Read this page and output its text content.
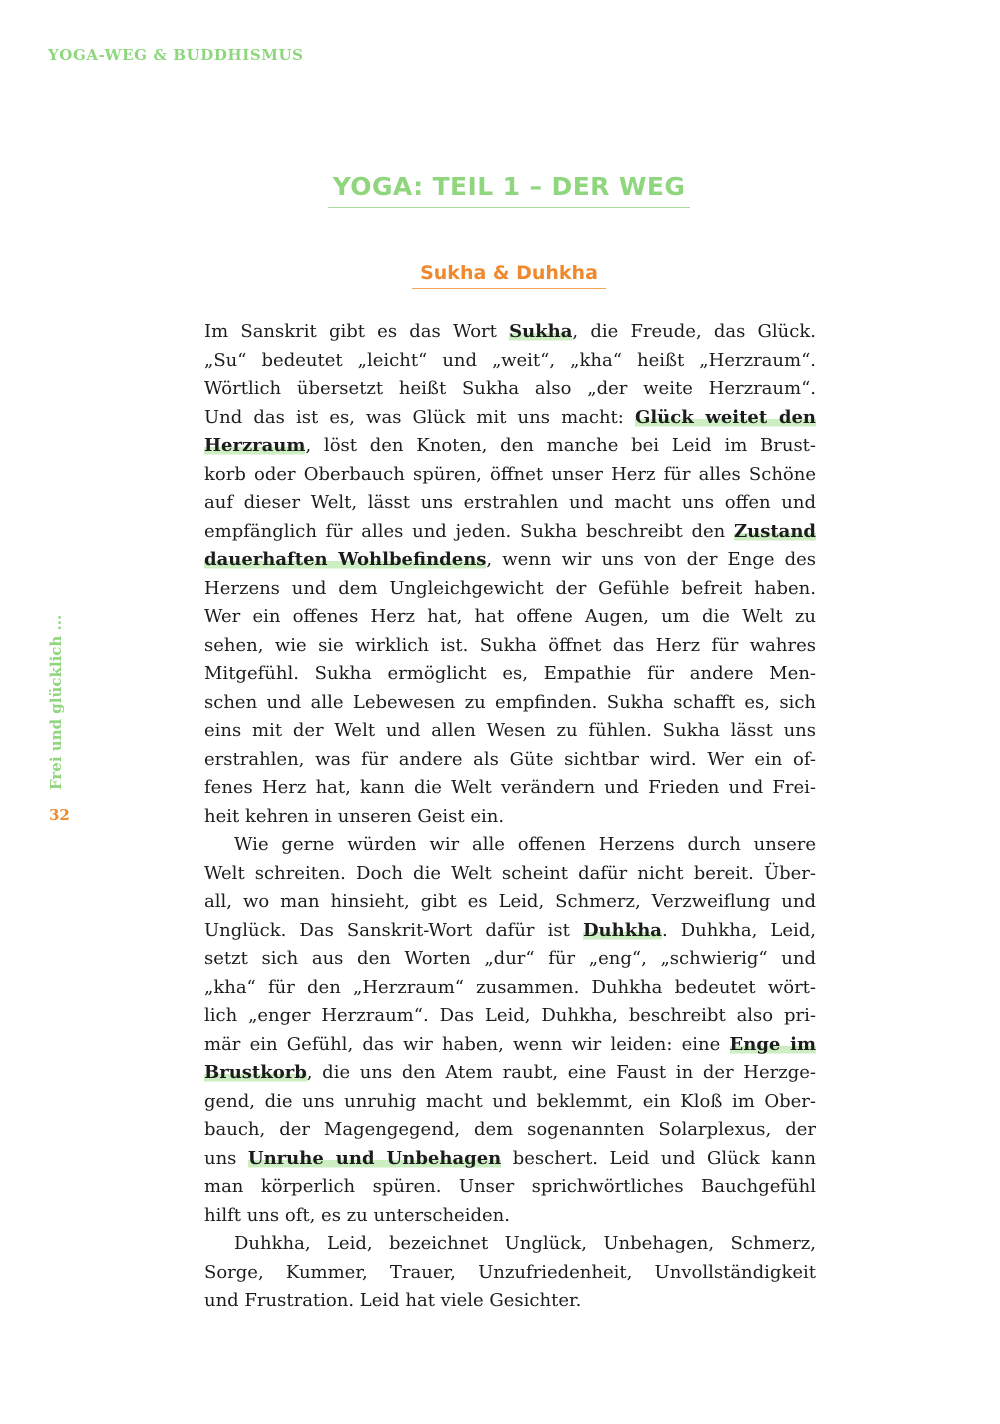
YOGA-WEG & BUDDHISMUS
YOGA: TEIL 1 – DER WEG
Sukha & Duhkha
Frei und glücklich ...
32
Im Sanskrit gibt es das Wort Sukha, die Freude, das Glück.
„Su“ bedeutet „leicht“ und „weit“, „kha“ heißt „Herzraum“.
Wörtlich übersetzt heißt Sukha also „der weite Herzraum“.
Und das ist es, was Glück mit uns macht: Glück weitet den
Herzraum, löst den Knoten, den manche bei Leid im Brust-
korb oder Oberbauch spüren, öffnet unser Herz für alles Schöne
auf dieser Welt, lässt uns erstrahlen und macht uns offen und
empfänglich für alles und jeden. Sukha beschreibt den Zustand
dauerhaften Wohlbefindens, wenn wir uns von der Enge des
Herzens und dem Ungleichgewicht der Gefühle befreit haben.
Wer ein offenes Herz hat, hat offene Augen, um die Welt zu
sehen, wie sie wirklich ist. Sukha öffnet das Herz für wahres
Mitgefühl. Sukha ermöglicht es, Empathie für andere Men-
schen und alle Lebewesen zu empfinden. Sukha schafft es, sich
eins mit der Welt und allen Wesen zu fühlen. Sukha lässt uns
erstrahlen, was für andere als Güte sichtbar wird. Wer ein of-
fenes Herz hat, kann die Welt verändern und Frieden und Frei-
heit kehren in unseren Geist ein.
Wie gerne würden wir alle offenen Herzens durch unsere
Welt schreiten. Doch die Welt scheint dafür nicht bereit. Über-
all, wo man hinsieht, gibt es Leid, Schmerz, Verzweiflung und
Unglück. Das Sanskrit-Wort dafür ist Duhkha. Duhkha, Leid,
setzt sich aus den Worten „dur“ für „eng“, „schwierig“ und
„kha“ für den „Herzraum“ zusammen. Duhkha bedeutet wört-
lich „enger Herzraum“. Das Leid, Duhkha, beschreibt also pri-
mär ein Gefühl, das wir haben, wenn wir leiden: eine Enge im
Brustkorb, die uns den Atem raubt, eine Faust in der Herzge-
gend, die uns unruhig macht und beklemmt, ein Kloß im Ober-
bauch, der Magengegend, dem sogenannten Solarplexus, der
uns Unruhe und Unbehagen beschert. Leid und Glück kann
man körperlich spüren. Unser sprichwörtliches Bauchgefühl
hilft uns oft, es zu unterscheiden.
Duhkha, Leid, bezeichnet Unglück, Unbehagen, Schmerz,
Sorge, Kummer, Trauer, Unzufriedenheit, Unvollständigkeit
und Frustration. Leid hat viele Gesichter.
